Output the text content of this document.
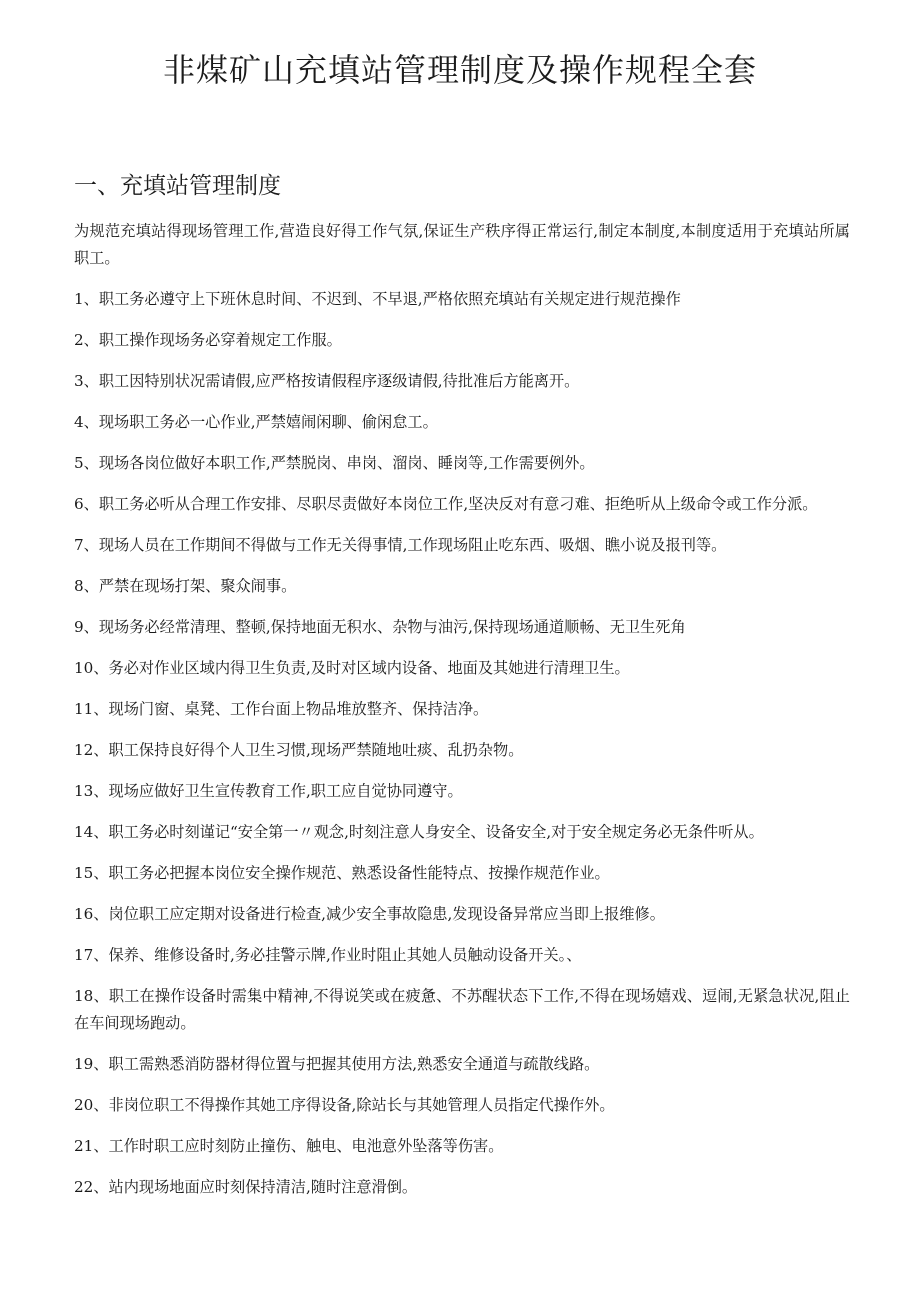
非煤矿山充填站管理制度及操作规程全套
一、充填站管理制度

为规范充填站得现场管理工作,营造良好得工作气氛,保证生产秩序得正常运行,制定本制度,本制度适用于充填站所属职工。

1、职工务必遵守上下班休息时间、不迟到、不早退,严格依照充填站有关规定进行规范操作

2、职工操作现场务必穿着规定工作服。

3、职工因特别状况需请假,应严格按请假程序逐级请假,待批准后方能离开。

4、现场职工务必一心作业,严禁嬉闹闲聊、偷闲怠工。

5、现场各岗位做好本职工作,严禁脱岗、串岗、溜岗、睡岗等,工作需要例外。

6、职工务必听从合理工作安排、尽职尽责做好本岗位工作,坚决反对有意刁难、拒绝听从上级命令或工作分派。

7、现场人员在工作期间不得做与工作无关得事情,工作现场阻止吃东西、吸烟、瞧小说及报刊等。

8、严禁在现场打架、聚众闹事。

9、现场务必经常清理、整顿,保持地面无积水、杂物与油污,保持现场通道顺畅、无卫生死角

10、务必对作业区域内得卫生负责,及时对区域内设备、地面及其她进行清理卫生。

11、现场门窗、桌凳、工作台面上物品堆放整齐、保持洁净。

12、职工保持良好得个人卫生习惯,现场严禁随地吐痰、乱扔杂物。

13、现场应做好卫生宣传教育工作,职工应自觉协同遵守。

14、职工务必时刻谨记“安全第一〃观念,时刻注意人身安全、设备安全,对于安全规定务必无条件听从。

15、职工务必把握本岗位安全操作规范、熟悉设备性能特点、按操作规范作业。

16、岗位职工应定期对设备进行检查,减少安全事故隐患,发现设备异常应当即上报维修。

17、保养、维修设备时,务必挂警示牌,作业时阻止其她人员触动设备开关。、

18、职工在操作设备时需集中精神,不得说笑或在疲惫、不苏醒状态下工作,不得在现场嬉戏、逗闹,无紧急状况,阻止在车间现场跑动。

19、职工需熟悉消防器材得位置与把握其使用方法,熟悉安全通道与疏散线路。

20、非岗位职工不得操作其她工序得设备,除站长与其她管理人员指定代操作外。

21、工作时职工应时刻防止撞伤、触电、电池意外坠落等伤害。

22、站内现场地面应时刻保持清洁,随时注意滑倒。
